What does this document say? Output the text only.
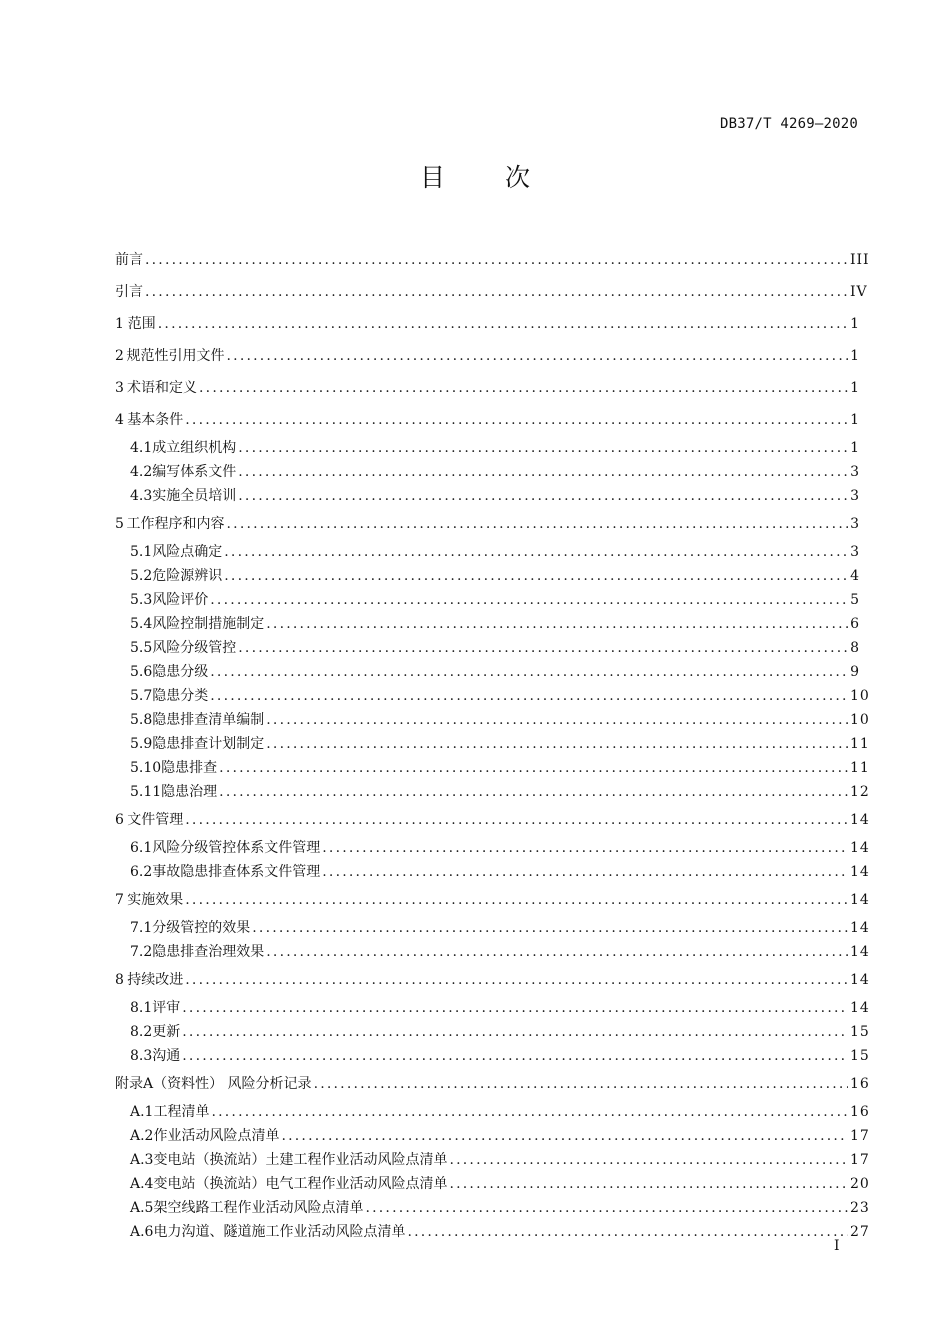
DB37/T 4269—2020
目 次
前言 .....	III
引言 .....	IV
1 范围 .....	1
2 规范性引用文件 .....	1
3 术语和定义 .....	1
4 基本条件 .....	1
4.1 成立组织机构 .....	1
4.2 编写体系文件 .....	3
4.3 实施全员培训 .....	3
5 工作程序和内容 .....	3
5.1 风险点确定 .....	3
5.2 危险源辨识 .....	4
5.3 风险评价 .....	5
5.4 风险控制措施制定 .....	6
5.5 风险分级管控 .....	8
5.6 隐患分级 .....	9
5.7 隐患分类 .....	10
5.8 隐患排查清单编制 .....	10
5.9 隐患排查计划制定 .....	11
5.10 隐患排查 .....	11
5.11 隐患治理 .....	12
6 文件管理 .....	14
6.1 风险分级管控体系文件管理 .....	14
6.2 事故隐患排查体系文件管理 .....	14
7 实施效果 .....	14
7.1 分级管控的效果 .....	14
7.2 隐患排查治理效果 .....	14
8 持续改进 .....	14
8.1 评审 .....	14
8.2 更新 .....	15
8.3 沟通 .....	15
附录A（资料性） 风险分析记录 .....	16
A.1 工程清单 .....	16
A.2 作业活动风险点清单 .....	17
A.3 变电站（换流站）土建工程作业活动风险点清单 .....	17
A.4 变电站（换流站）电气工程作业活动风险点清单 .....	20
A.5 架空线路工程作业活动风险点清单 .....	23
A.6 电力沟道、隧道施工作业活动风险点清单 .....	27
I
